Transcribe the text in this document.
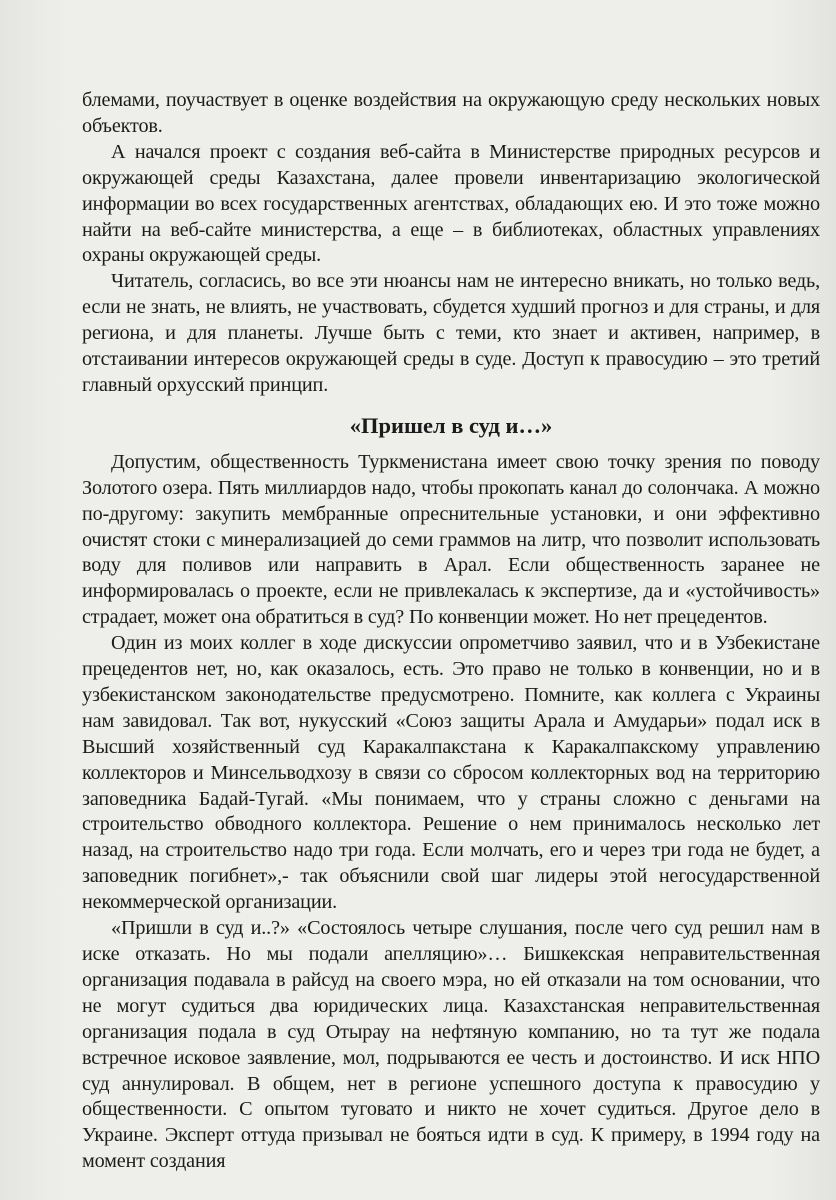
блемами, поучаствует в оценке воздействия на окружающую среду нескольких новых объектов.

А начался проект с создания веб-сайта в Министерстве природных ресурсов и окружающей среды Казахстана, далее провели инвентаризацию экологической информации во всех государственных агентствах, обладающих ею. И это тоже можно найти на веб-сайте министерства, а еще – в библиотеках, областных управлениях охраны окружающей среды.

Читатель, согласись, во все эти нюансы нам не интересно вникать, но только ведь, если не знать, не влиять, не участвовать, сбудется худший прогноз и для страны, и для региона, и для планеты. Лучше быть с теми, кто знает и активен, например, в отстаивании интересов окружающей среды в суде. Доступ к правосудию – это третий главный орхусский принцип.

«Пришел в суд и…»

Допустим, общественность Туркменистана имеет свою точку зрения по поводу Золотого озера. Пять миллиардов надо, чтобы прокопать канал до солончака. А можно по-другому: закупить мембранные опреснительные установки, и они эффективно очистят стоки с минерализацией до семи граммов на литр, что позволит использовать воду для поливов или направить в Арал. Если общественность заранее не информировалась о проекте, если не привлекалась к экспертизе, да и «устойчивость» страдает, может она обратиться в суд? По конвенции может. Но нет прецедентов.

Один из моих коллег в ходе дискуссии опрометчиво заявил, что и в Узбекистане прецедентов нет, но, как оказалось, есть. Это право не только в конвенции, но и в узбекистанском законодательстве предусмотрено. Помните, как коллега с Украины нам завидовал. Так вот, нукусский «Союз защиты Арала и Амударьи» подал иск в Высший хозяйственный суд Каракалпакстана к Каракалпакскому управлению коллекторов и Минсельводхозу в связи со сбросом коллекторных вод на территорию заповедника Бадай-Тугай. «Мы понимаем, что у страны сложно с деньгами на строительство обводного коллектора. Решение о нем принималось несколько лет назад, на строительство надо три года. Если молчать, его и через три года не будет, а заповедник погибнет»,- так объяснили свой шаг лидеры этой негосударственной некоммерческой организации.

«Пришли в суд и..?» «Состоялось четыре слушания, после чего суд решил нам в иске отказать. Но мы подали апелляцию»… Бишкекская неправительственная организация подавала в райсуд на своего мэра, но ей отказали на том основании, что не могут судиться два юридических лица. Казахстанская неправительственная организация подала в суд Отырау на нефтяную компанию, но та тут же подала встречное исковое заявление, мол, подрываются ее честь и достоинство. И иск НПО суд аннулировал. В общем, нет в регионе успешного доступа к правосудию у общественности. С опытом туговато и никто не хочет судиться. Другое дело в Украине. Эксперт оттуда призывал не бояться идти в суд. К примеру, в 1994 году на момент создания
